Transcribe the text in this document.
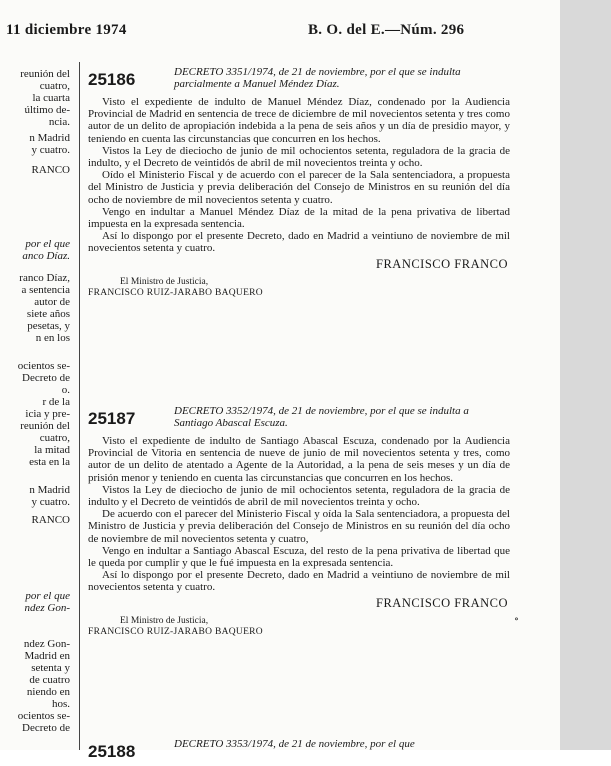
11 diciembre 1974	B. O. del E.—Núm. 296
reunión del
cuatro,
la cuarta
último de-
ncia.
n Madrid
y cuatro.
RANCO
por el que
anco Díaz.
ranco Díaz,
a sentencia
autor de
siete años
pesetas, y
n en los
ocientos se-
Decreto de
o.
r de la
icia y pre-
reunión del
cuatro,
la mitad
esta en la
n Madrid
y cuatro.
RANCO
por el que
ndez Gon-
ndez Gon-
Madrid en
setenta y
de cuatro
niendo en
hos.
ocientos se-
Decreto de
25186	DECRETO 3351/1974, de 21 de noviembre, por el que se indulta parcialmente a Manuel Méndez Díaz.

Visto el expediente de indulto de Manuel Méndez Díaz, condenado por la Audiencia Provincial de Madrid en sentencia de trece de diciembre de mil novecientos setenta y tres como autor de un delito de apropiación indebida a la pena de seis años y un día de presidio mayor, y teniendo en cuenta las circunstancias que concurren en los hechos.

Vistos la Ley de dieciocho de junio de mil ochocientos setenta, reguladora de la gracia de indulto, y el Decreto de veintidós de abril de mil novecientos treinta y ocho.

Oído el Ministerio Fiscal y de acuerdo con el parecer de la Sala sentenciadora, a propuesta del Ministro de Justicia y previa deliberación del Consejo de Ministros en su reunión del día ocho de noviembre de mil novecientos setenta y cuatro.

Vengo en indultar a Manuel Méndez Díaz de la mitad de la pena privativa de libertad impuesta en la expresada sentencia.

Así lo dispongo por el presente Decreto, dado en Madrid a veintiuno de noviembre de mil novecientos setenta y cuatro.

FRANCISCO FRANCO
El Ministro de Justicia,
FRANCISCO RUIZ-JARABO BAQUERO
25187	DECRETO 3352/1974, de 21 de noviembre, por el que se indulta a Santiago Abascal Escuza.

Visto el expediente de indulto de Santiago Abascal Escuza, condenado por la Audiencia Provincial de Vitoria en sentencia de nueve de junio de mil novecientos setenta y tres, como autor de un delito de atentado a Agente de la Autoridad, a la pena de seis meses y un día de prisión menor y teniendo en cuenta las circunstancias que concurren en los hechos.

Vistos la Ley de dieciocho de junio de mil ochocientos setenta, reguladora de la gracia de indulto y el Decreto de veintidós de abril de mil novecientos treinta y ocho.

De acuerdo con el parecer del Ministerio Fiscal y oída la Sala sentenciadora, a propuesta del Ministro de Justicia y previa deliberación del Consejo de Ministros en su reunión del día ocho de noviembre de mil novecientos setenta y cuatro,

Vengo en indultar a Santiago Abascal Escuza, del resto de la pena privativa de libertad que le queda por cumplir y que le fué impuesta en la expresada sentencia.

Así lo dispongo por el presente Decreto, dado en Madrid a veintiuno de noviembre de mil novecientos setenta y cuatro.

FRANCISCO FRANCO
El Ministro de Justicia,
FRANCISCO RUIZ-JARABO BAQUERO
25188	DECRETO 3353/1974, de 21 de noviembre, por el que
∘
